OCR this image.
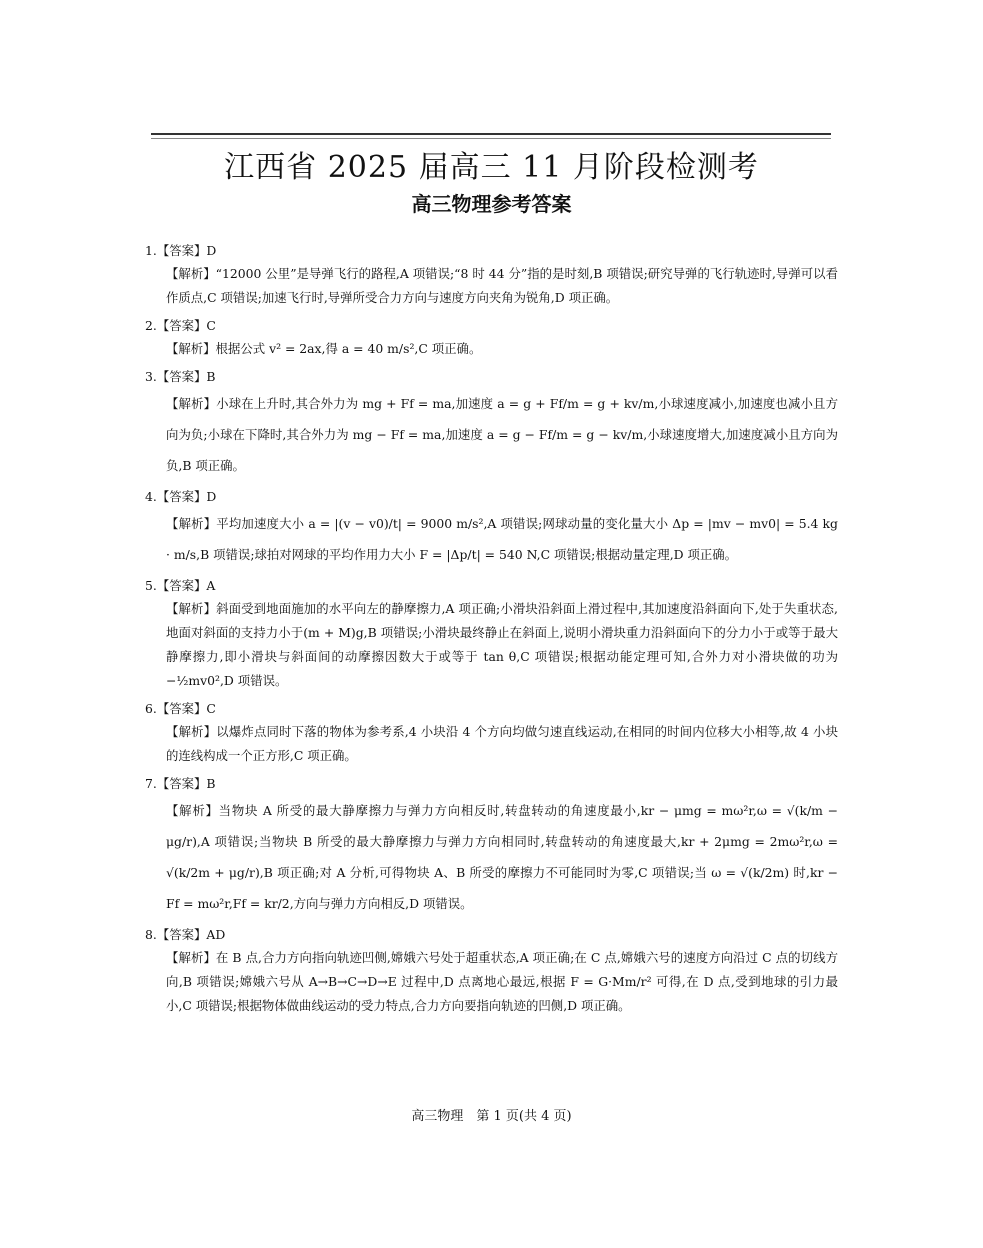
江西省 2025 届高三 11 月阶段检测考
高三物理参考答案
1.【答案】D
【解析】“12000 公里”是导弹飞行的路程,A 项错误;“8 时 44 分”指的是时刻,B 项错误;研究导弹的飞行轨迹时,导弹可以看作质点,C 项错误;加速飞行时,导弹所受合力方向与速度方向夹角为锐角,D 项正确。
2.【答案】C
【解析】根据公式 v² = 2ax,得 a = 40 m/s²,C 项正确。
3.【答案】B
【解析】小球在上升时,其合外力为 mg + Ff = ma,加速度 a = g + Ff/m = g + kv/m,小球速度减小,加速度也减小且方向为负;小球在下降时,其合外力为 mg − Ff = ma,加速度 a = g − Ff/m = g − kv/m,小球速度增大,加速度减小且方向为负,B 项正确。
4.【答案】D
【解析】平均加速度大小 a = |(v − v0)/t| = 9000 m/s²,A 项错误;网球动量的变化量大小 Δp = |mv − mv0| = 5.4 kg · m/s,B 项错误;球拍对网球的平均作用力大小 F = |Δp/t| = 540 N,C 项错误;根据动量定理,D 项正确。
5.【答案】A
【解析】斜面受到地面施加的水平向左的静摩擦力,A 项正确;小滑块沿斜面上滑过程中,其加速度沿斜面向下,处于失重状态,地面对斜面的支持力小于(m + M)g,B 项错误;小滑块最终静止在斜面上,说明小滑块重力沿斜面向下的分力小于或等于最大静摩擦力,即小滑块与斜面间的动摩擦因数大于或等于 tan θ,C 项错误;根据动能定理可知,合外力对小滑块做的功为 −½mv0²,D 项错误。
6.【答案】C
【解析】以爆炸点同时下落的物体为参考系,4 小块沿 4 个方向均做匀速直线运动,在相同的时间内位移大小相等,故 4 小块的连线构成一个正方形,C 项正确。
7.【答案】B
【解析】当物块 A 所受的最大静摩擦力与弹力方向相反时,转盘转动的角速度最小,kr − μmg = mω²r,ω = √(k/m − μg/r),A 项错误;当物块 B 所受的最大静摩擦力与弹力方向相同时,转盘转动的角速度最大,kr + 2μmg = 2mω²r,ω = √(k/2m + μg/r),B 项正确;对 A 分析,可得物块 A、B 所受的摩擦力不可能同时为零,C 项错误;当 ω = √(k/2m) 时,kr − Ff = mω²r,Ff = kr/2,方向与弹力方向相反,D 项错误。
8.【答案】AD
【解析】在 B 点,合力方向指向轨迹凹侧,嫦娥六号处于超重状态,A 项正确;在 C 点,嫦娥六号的速度方向沿过 C 点的切线方向,B 项错误;嫦娥六号从 A→B→C→D→E 过程中,D 点离地心最远,根据 F = G·Mm/r² 可得,在 D 点,受到地球的引力最小,C 项错误;根据物体做曲线运动的受力特点,合力方向要指向轨迹的凹侧,D 项正确。
高三物理　第 1 页(共 4 页)
